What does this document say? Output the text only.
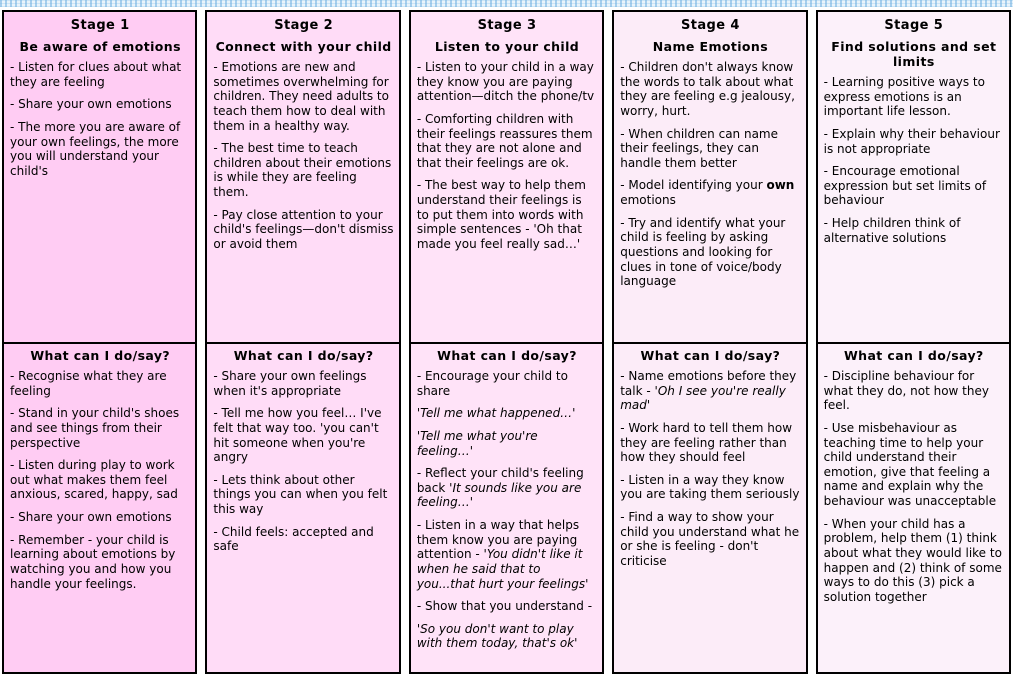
Stage 1
Be aware of emotions

- Listen for clues about what they are feeling

- Share your own emotions

- The more you are aware of your own feelings, the more you will understand your child's

What can I do/say?

- Recognise what they are feeling

- Stand in your child's shoes and see things from their perspective

- Listen during play to work out what makes them feel anxious, scared, happy, sad

- Share your own emotions

- Remember - your child is learning about emotions by watching you and how you handle your feelings.

Stage 2
Connect with your child

- Emotions are new and sometimes overwhelming for children. They need adults to teach them how to deal with them in a healthy way.

- The best time to teach children about their emotions is while they are feeling them.

- Pay close attention to your child's feelings—don't dismiss or avoid them

What can I do/say?

- Share your own feelings when it's appropriate

- Tell me how you feel… I've felt that way too. 'you can't hit someone when you're angry

- Lets think about other things you can when you felt this way

- Child feels: accepted and safe

Stage 3
Listen to your child

- Listen to your child in a way they know you are paying attention—ditch the phone/tv

- Comforting children with their feelings reassures them that they are not alone and that their feelings are ok.

- The best way to help them understand their feelings is to put them into words with simple sentences - 'Oh that made you feel really sad…'

What can I do/say?

- Encourage your child to share

'Tell me what happened…'

'Tell me what you're feeling…'

- Reflect your child's feeling back 'It sounds like you are feeling…'

- Listen in a way that helps them know you are paying attention - 'You didn't like it when he said that to you...that hurt your feelings'

- Show that you understand -

'So you don't want to play with them today, that's ok'

Stage 4
Name Emotions

- Children don't always know the words to talk about what they are feeling e.g jealousy, worry, hurt.

- When children can name their feelings, they can handle them better

- Model identifying your own emotions

- Try and identify what your child is feeling by asking questions and looking for clues in tone of voice/body language

What can I do/say?

- Name emotions before they talk - 'Oh I see you're really mad'

- Work hard to tell them how they are feeling rather than how they should feel

- Listen in a way they know you are taking them seriously

- Find a way to show your child you understand what he or she is feeling - don't criticise

Stage 5
Find solutions and set limits

- Learning positive ways to express emotions is an important life lesson.

- Explain why their behaviour is not appropriate

- Encourage emotional expression but set limits of behaviour

- Help children think of alternative solutions

What can I do/say?

- Discipline behaviour for what they do, not how they feel.

- Use misbehaviour as teaching time to help your child understand their emotion, give that feeling a name and explain why the behaviour was unacceptable

- When your child has a problem, help them (1) think about what they would like to happen and (2) think of some ways to do this (3) pick a solution together
